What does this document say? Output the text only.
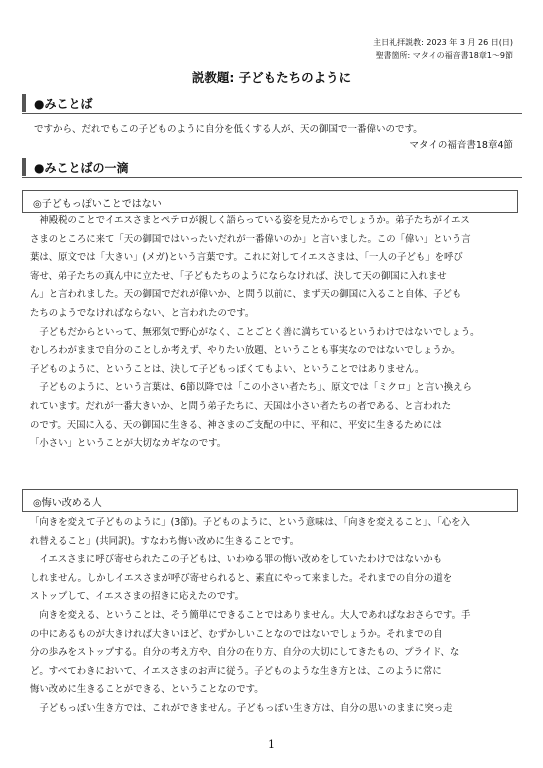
主日礼拝説教: 2023 年 3 月 26 日(日)
聖書箇所: マタイの福音書18章1～9節
説教題: 子どもたちのように
●みことば
ですから、だれでもこの子どものように自分を低くする人が、天の御国で一番偉いのです。
マタイの福音書18章4節
●みことばの一滴
◎子どもっぽいことではない

　神殿税のことでイエスさまとペテロが親しく語らっている姿を見たからでしょうか。弟子たちがイエス

さまのところに来て「天の御国ではいったいだれが一番偉いのか」と言いました。この「偉い」という言

葉は、原文では「大きい」(メガ)という言葉です。これに対してイエスさまは、「一人の子ども」を呼び

寄せ、弟子たちの真ん中に立たせ、「子どもたちのようにならなければ、決して天の御国に入れませ

ん」と言われました。天の御国でだれが偉いか、と問う以前に、まず天の御国に入ること自体、子ども

たちのようでなければならない、と言われたのです。

　子どもだからといって、無邪気で野心がなく、ことごとく善に満ちているというわけではないでしょう。

むしろわがままで自分のことしか考えず、やりたい放題、ということも事実なのではないでしょうか。

子どものように、ということは、決して子どもっぽくてもよい、ということではありません。

　子どものように、という言葉は、6節以降では「この小さい者たち」、原文では「ミクロ」と言い換えら

れています。だれが一番大きいか、と問う弟子たちに、天国は小さい者たちの者である、と言われた

のです。天国に入る、天の御国に生きる、神さまのご支配の中に、平和に、平安に生きるためには

「小さい」ということが大切なカギなのです。

◎悔い改める人

「向きを変えて子どものように」(3節)。子どものように、という意味は、「向きを変えること」、「心を入

れ替えること」(共同訳)。すなわち悔い改めに生きることです。

　イエスさまに呼び寄せられたこの子どもは、いわゆる罪の悔い改めをしていたわけではないかも

しれません。しかしイエスさまが呼び寄せられると、素直にやって来ました。それまでの自分の道を

ストップして、イエスさまの招きに応えたのです。

　向きを変える、ということは、そう簡単にできることではありません。大人であればなおさらです。手

の中にあるものが大きければ大きいほど、むずかしいことなのではないでしょうか。それまでの自

分の歩みをストップする。自分の考え方や、自分の在り方、自分の大切にしてきたもの、プライド、な

ど。すべてわきにおいて、イエスさまのお声に従う。子どものような生き方とは、このように常に

悔い改めに生きることができる、ということなのです。

　子どもっぽい生き方では、これができません。子どもっぽい生き方は、自分の思いのままに突っ走

1
